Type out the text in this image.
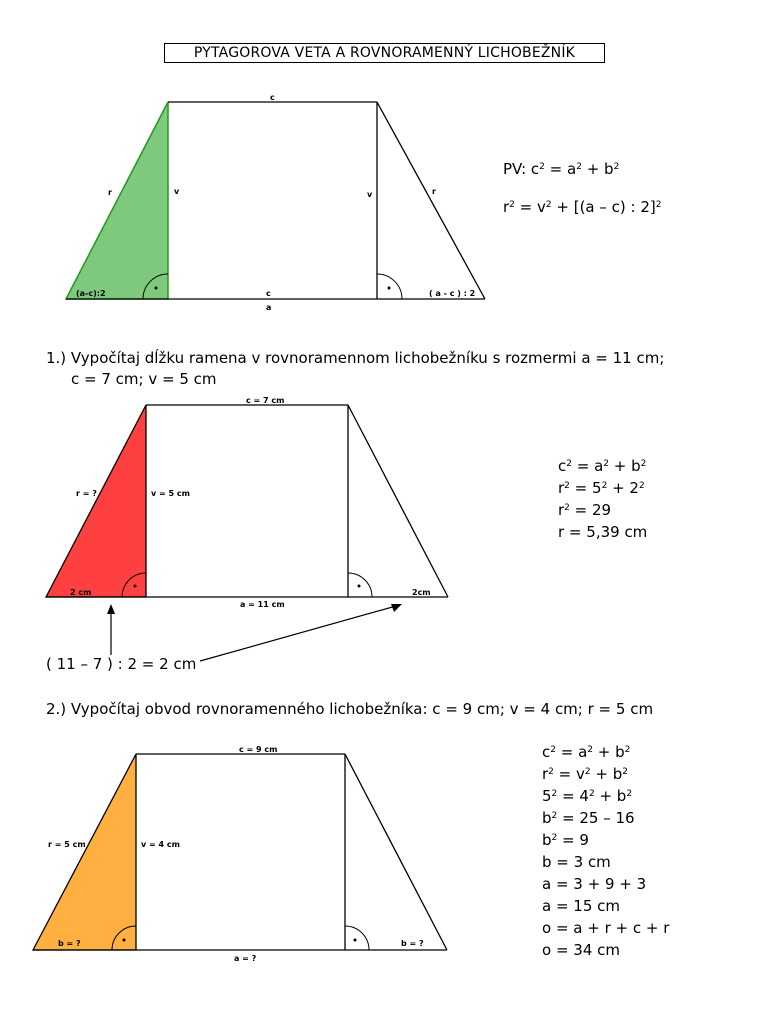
PYTAGOROVA VETA A ROVNORAMENNÝ LICHOBEŽNÍK
c
r	v	v	r
(a-c):2	c	( a - c ) : 2
a
c = 7 cm
r = ?	v = 5 cm
2 cm	2cm
a = 11 cm
c = 9 cm
r = 5 cm	v = 4 cm
b = ?	b = ?
a = ?
PV: $c^2 = a^2 + b^2$
$r^2 = v^2 + [(a - c)$ : 2]$^2$
1.) Vypočítaj dĺžku ramena v rovnoramennom lichobežníku s rozmermi a = 11 cm;
c = 7 cm; v = 5 cm
$c^2 = a^2 + b^2$
$r^2 = 5^2 + 2^2$
$r^2 = 29$
r = 5,39 cm
( 11 – 7 ) : 2 = 2 cm
2.) Vypočítaj obvod rovnoramenného lichobežníka: c = 9 cm; v = 4 cm; r = 5 cm
$c^2 = a^2 + b^2$
$r^2 = v^2 + b^2$
$5^2 = 4^2 + b^2$
$b^2 = 25 - 16$
$b^2 = 9$
b = 3 cm
a = 3 + 9 + 3
a = 15 cm
o = a + r + c + r
o = 34 cm
